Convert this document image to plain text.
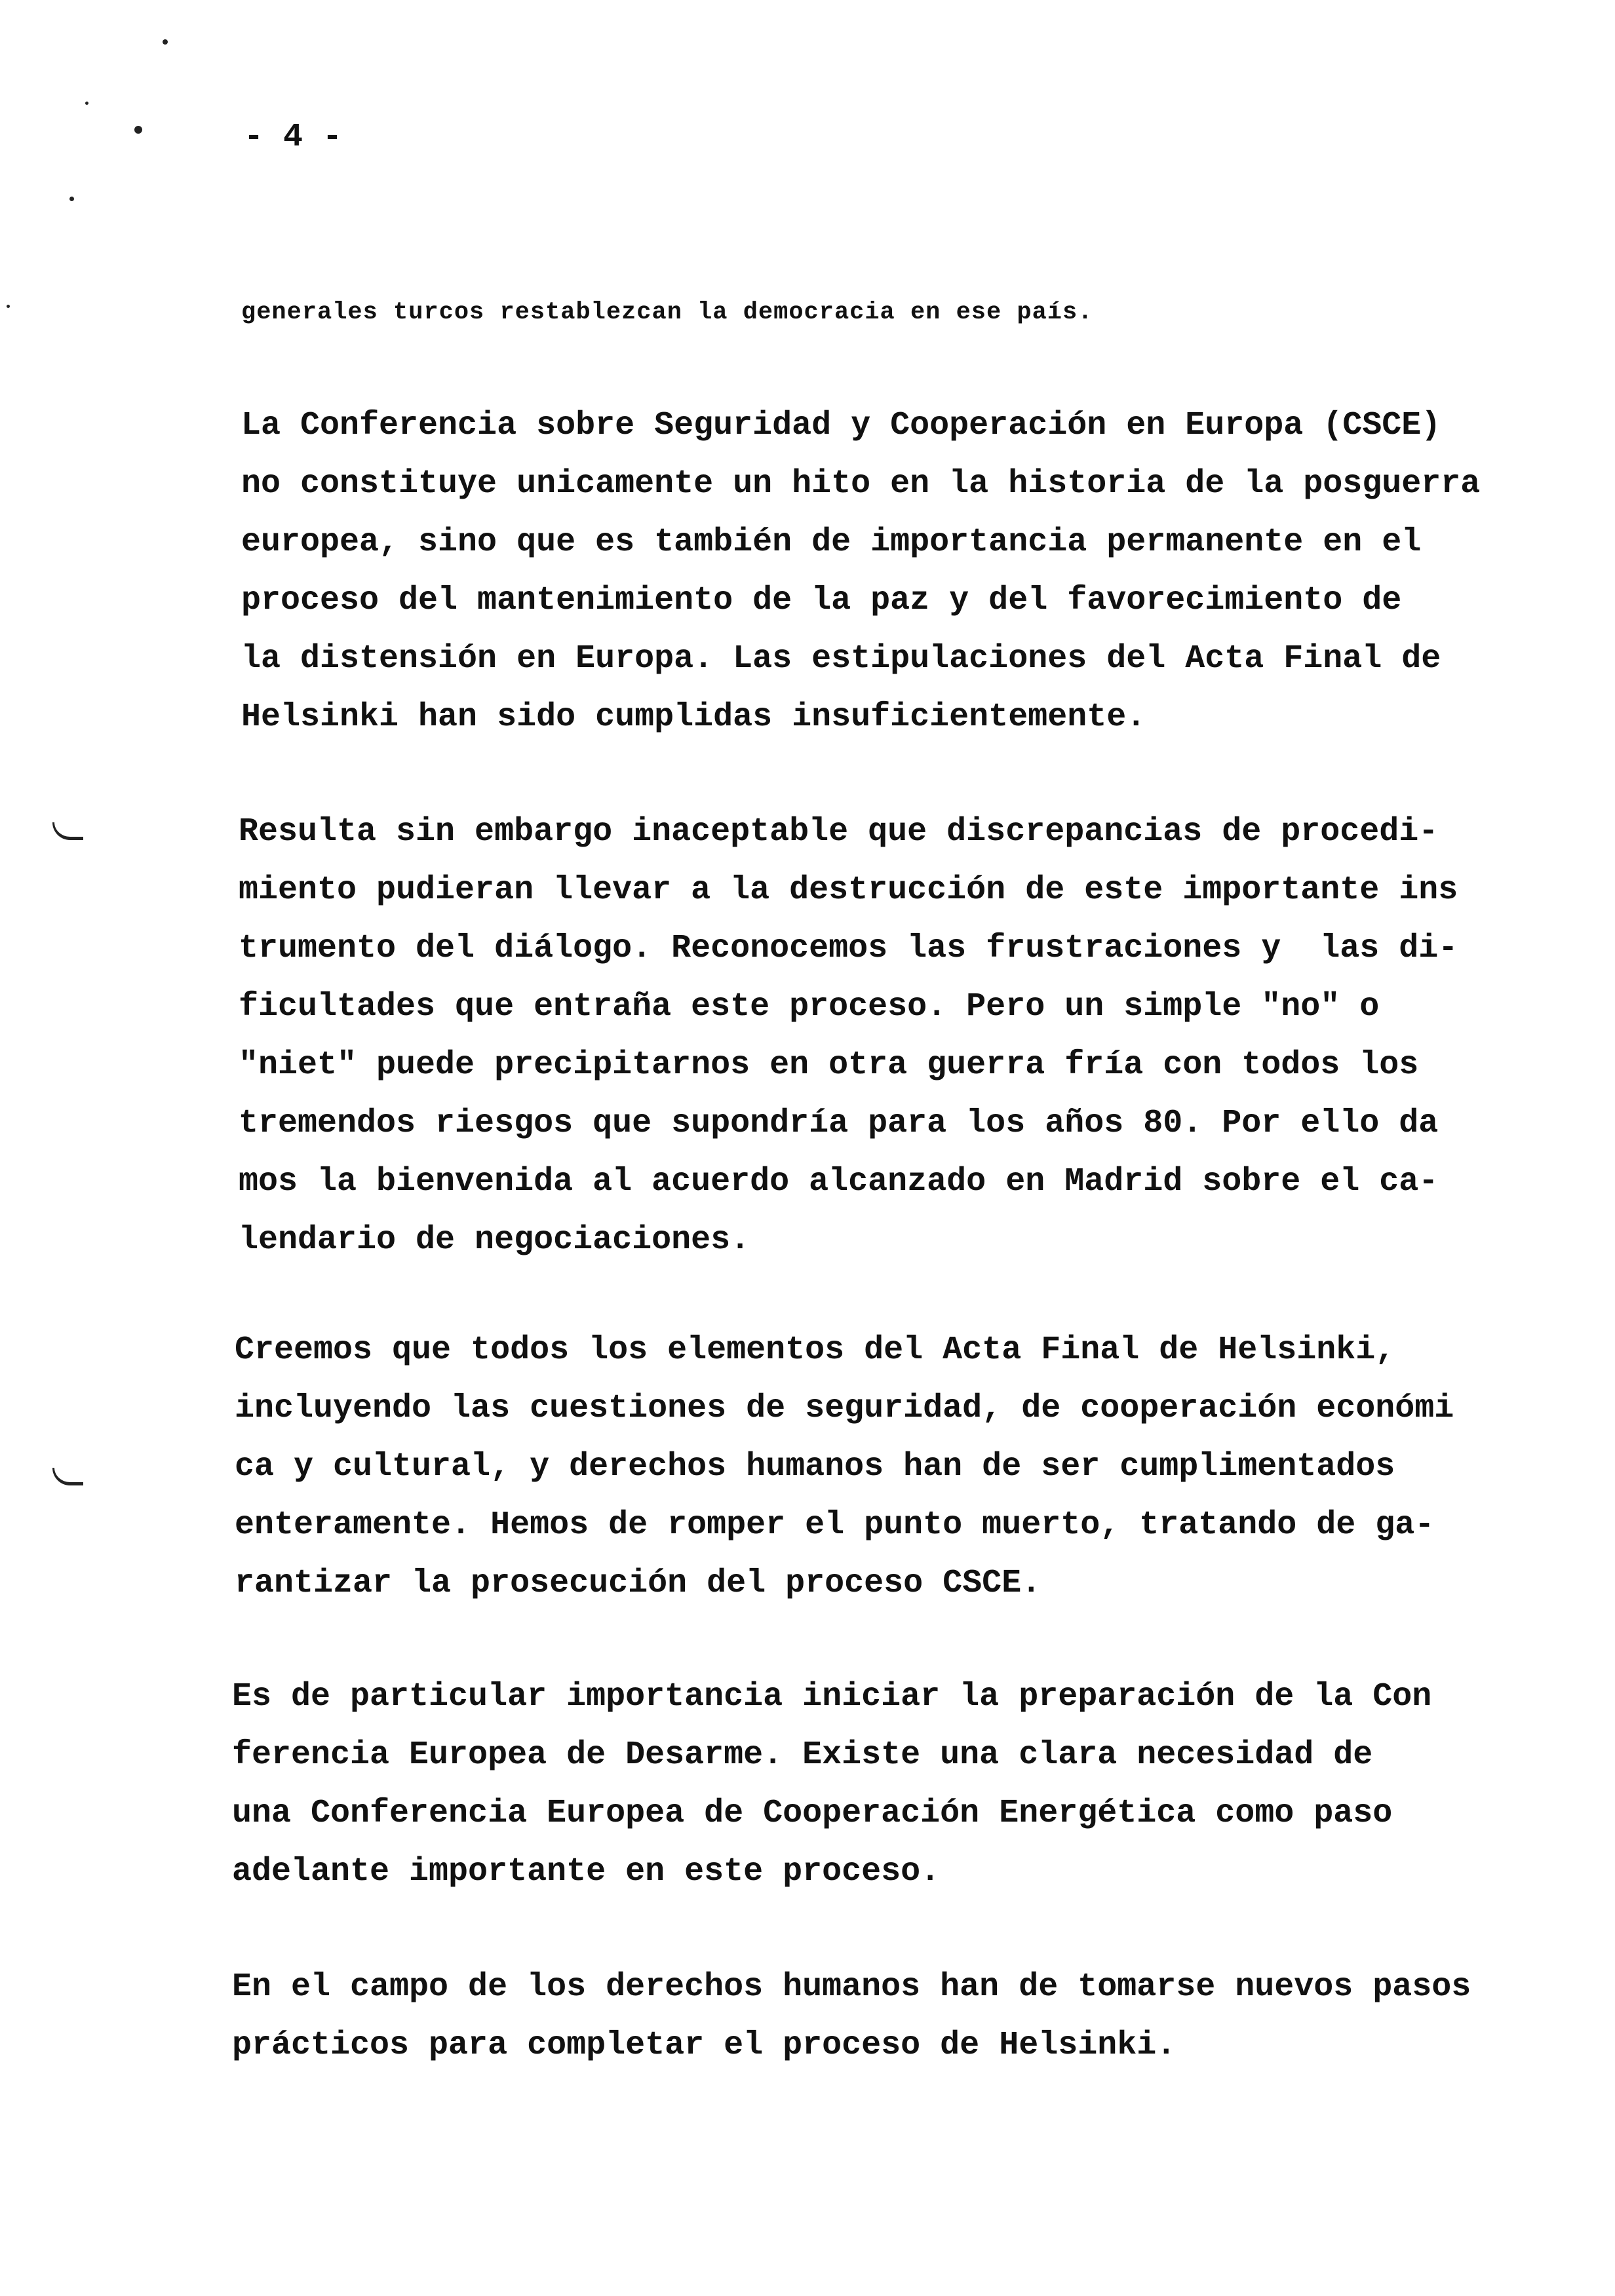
- 4 -
generales turcos restablezcan la democracia en ese país.
La Conferencia sobre Seguridad y Cooperación en Europa (CSCE)
no constituye unicamente un hito en la historia de la posguerra
europea, sino que es también de importancia permanente en el
proceso del mantenimiento de la paz y del favorecimiento de
la distensión en Europa. Las estipulaciones del Acta Final de
Helsinki han sido cumplidas insuficientemente.
Resulta sin embargo inaceptable que discrepancias de procedi-
miento pudieran llevar a la destrucción de este importante ins
trumento del diálogo. Reconocemos las frustraciones y  las di-
ficultades que entraña este proceso. Pero un simple "no" o
"niet" puede precipitarnos en otra guerra fría con todos los
tremendos riesgos que supondría para los años 80. Por ello da
mos la bienvenida al acuerdo alcanzado en Madrid sobre el ca-
lendario de negociaciones.
Creemos que todos los elementos del Acta Final de Helsinki,
incluyendo las cuestiones de seguridad, de cooperación económi
ca y cultural, y derechos humanos han de ser cumplimentados
enteramente. Hemos de romper el punto muerto, tratando de ga-
rantizar la prosecución del proceso CSCE.
Es de particular importancia iniciar la preparación de la Con
ferencia Europea de Desarme. Existe una clara necesidad de
una Conferencia Europea de Cooperación Energética como paso
adelante importante en este proceso.
En el campo de los derechos humanos han de tomarse nuevos pasos
prácticos para completar el proceso de Helsinki.
